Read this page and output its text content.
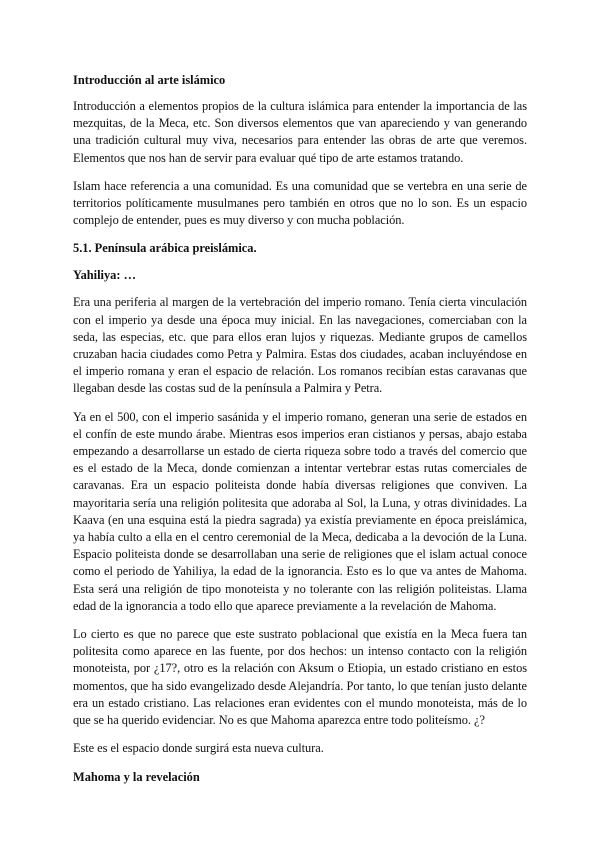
Introducción al arte islámico

Introducción a elementos propios de la cultura islámica para entender la importancia de las mezquitas, de la Meca, etc. Son diversos elementos que van apareciendo y van generando una tradición cultural muy viva, necesarios para entender las obras de arte que veremos. Elementos que nos han de servir para evaluar qué tipo de arte estamos tratando.

Islam hace referencia a una comunidad. Es una comunidad que se vertebra en una serie de territorios políticamente musulmanes pero también en otros que no lo son. Es un espacio complejo de entender, pues es muy diverso y con mucha población.

5.1. Península arábica preislámica.
Yahiliya: …

Era una periferia al margen de la vertebración del imperio romano. Tenía cierta vinculación con el imperio ya desde una época muy inicial. En las navegaciones, comerciaban con la seda, las especias, etc. que para ellos eran lujos y riquezas. Mediante grupos de camellos cruzaban hacia ciudades como Petra y Palmira. Estas dos ciudades, acaban incluyéndose en el imperio romana y eran el espacio de relación. Los romanos recibían estas caravanas que llegaban desde las costas sud de la península a Palmira y Petra.

Ya en el 500, con el imperio sasánida y el imperio romano, generan una serie de estados en el confín de este mundo árabe. Mientras esos imperios eran cistianos y persas, abajo estaba empezando a desarrollarse un estado de cierta riqueza sobre todo a través del comercio que es el estado de la Meca, donde comienzan a intentar vertebrar estas rutas comerciales de caravanas. Era un espacio politeista donde había diversas religiones que conviven. La mayoritaria sería una religión politesita que adoraba al Sol, la Luna, y otras divinidades. La Kaava (en una esquina está la piedra sagrada) ya existía previamente en época preislámica, ya había culto a ella en el centro ceremonial de la Meca, dedicaba a la devoción de la Luna. Espacio politeista donde se desarrollaban una serie de religiones que el islam actual conoce como el periodo de Yahiliya, la edad de la ignorancia. Esto es lo que va antes de Mahoma. Esta será una religión de tipo monoteista y no tolerante con las religión politeistas. Llama edad de la ignorancia a todo ello que aparece previamente a la revelación de Mahoma.

Lo cierto es que no parece que este sustrato poblacional que existía en la Meca fuera tan politesita como aparece en las fuente, por dos hechos: un intenso contacto con la religión monoteista, por ¿17?, otro es la relación con Aksum o Etiopia, un estado cristiano en estos momentos, que ha sido evangelizado desde Alejandría. Por tanto, lo que tenían justo delante era un estado cristiano. Las relaciones eran evidentes con el mundo monoteista, más de lo que se ha querido evidenciar. No es que Mahoma aparezca entre todo politeísmo. ¿?

Este es el espacio donde surgirá esta nueva cultura.

Mahoma y la revelación
